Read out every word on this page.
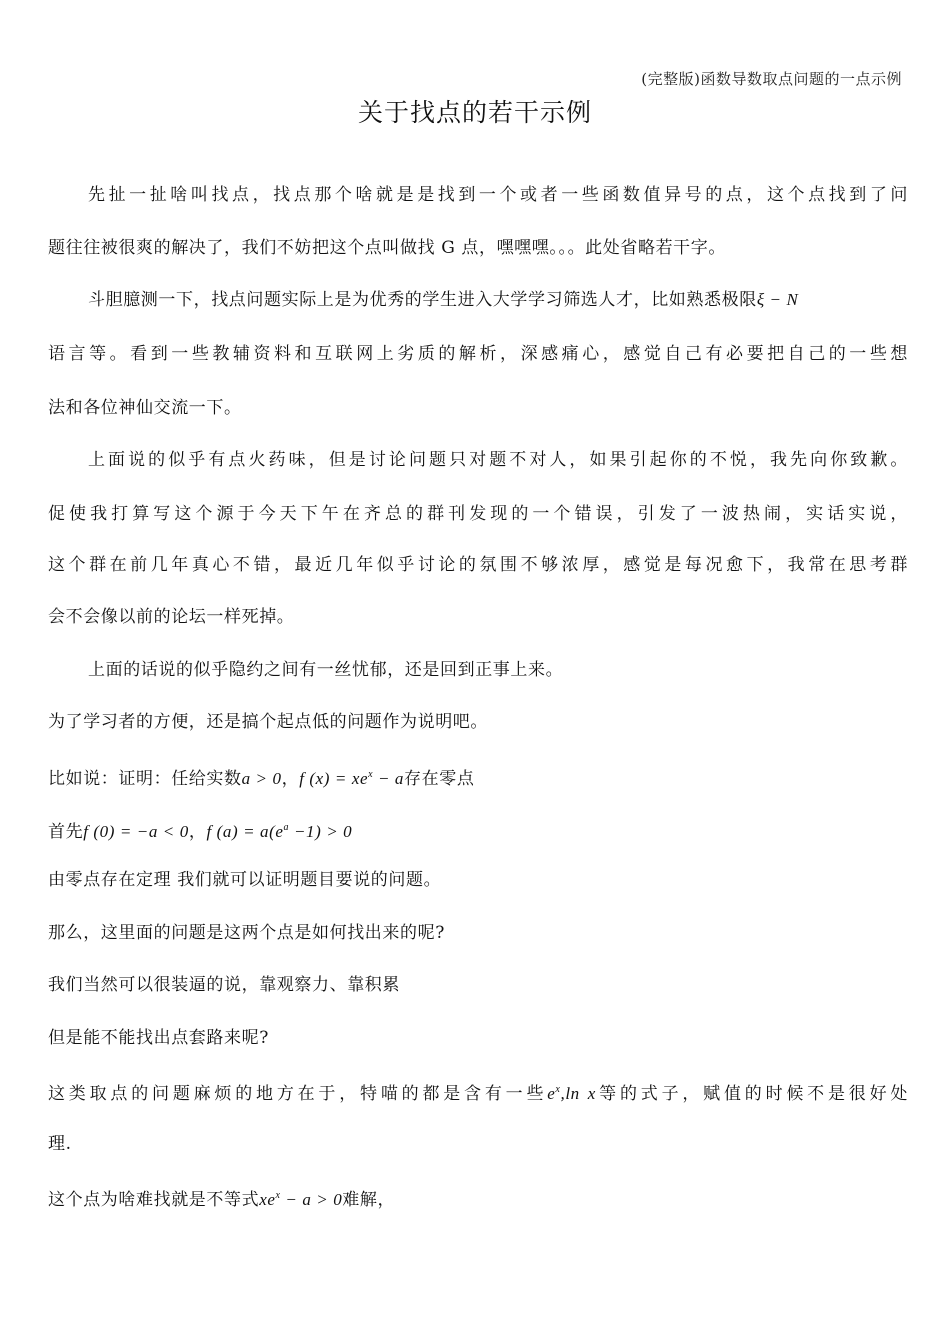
(完整版)函数导数取点问题的一点示例
关于找点的若干示例
先扯一扯啥叫找点，找点那个啥就是是找到一个或者一些函数值异号的点，这个点找到了问
题往往被很爽的解决了，我们不妨把这个点叫做找 G 点，嘿嘿嘿。。。此处省略若干字。
斗胆臆测一下，找点问题实际上是为优秀的学生进入大学学习筛选人才，比如熟悉极限ξ − N
语言等。看到一些教辅资料和互联网上劣质的解析，深感痛心，感觉自己有必要把自己的一些想
法和各位神仙交流一下。
上面说的似乎有点火药味，但是讨论问题只对题不对人，如果引起你的不悦，我先向你致歉。
促使我打算写这个源于今天下午在齐总的群刊发现的一个错误，引发了一波热闹，实话实说，
这个群在前几年真心不错，最近几年似乎讨论的氛围不够浓厚，感觉是每况愈下，我常在思考群
会不会像以前的论坛一样死掉。
上面的话说的似乎隐约之间有一丝忧郁，还是回到正事上来。
为了学习者的方便，还是搞个起点低的问题作为说明吧。
比如说：证明：任给实数a > 0，f $(x) = xe^x - a$存在零点
首先f (0) = −a < 0，f $(a) = a(e^a -1) > 0$
由零点存在定理 我们就可以证明题目要说的问题。
那么，这里面的问题是这两个点是如何找出来的呢?
我们当然可以很装逼的说，靠观察力、靠积累
但是能不能找出点套路来呢?
这类取点的问题麻烦的地方在于，特喵的都是含有一些$e^x,\ln$ x等的式子，赋值的时候不是很好处
理.
这个点为啥难找就是不等式$xe^x - a > 0$难解，
